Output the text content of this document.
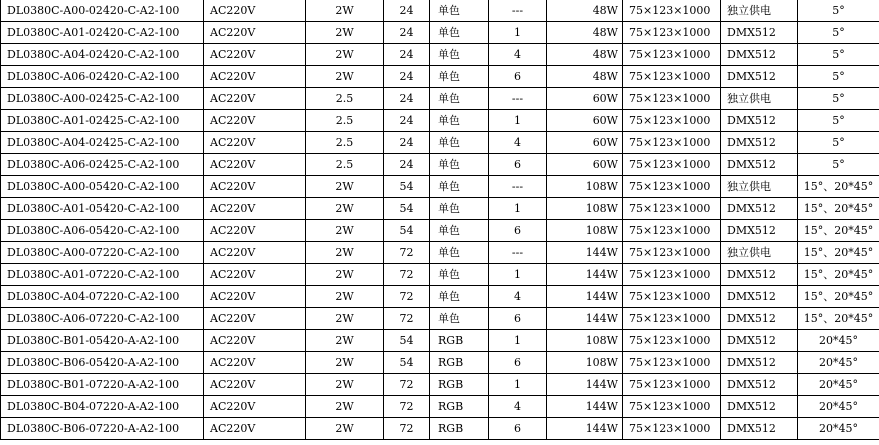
DL0380C-A00-02420-C-A2-100	AC220V	2W	24	单色	---	48W	75×123×1000	独立供电	5°
DL0380C-A01-02420-C-A2-100	AC220V	2W	24	单色	1	48W	75×123×1000	DMX512	5°
DL0380C-A04-02420-C-A2-100	AC220V	2W	24	单色	4	48W	75×123×1000	DMX512	5°
DL0380C-A06-02420-C-A2-100	AC220V	2W	24	单色	6	48W	75×123×1000	DMX512	5°
DL0380C-A00-02425-C-A2-100	AC220V	2.5	24	单色	---	60W	75×123×1000	独立供电	5°
DL0380C-A01-02425-C-A2-100	AC220V	2.5	24	单色	1	60W	75×123×1000	DMX512	5°
DL0380C-A04-02425-C-A2-100	AC220V	2.5	24	单色	4	60W	75×123×1000	DMX512	5°
DL0380C-A06-02425-C-A2-100	AC220V	2.5	24	单色	6	60W	75×123×1000	DMX512	5°
DL0380C-A00-05420-C-A2-100	AC220V	2W	54	单色	---	108W	75×123×1000	独立供电	15°、20*45°
DL0380C-A01-05420-C-A2-100	AC220V	2W	54	单色	1	108W	75×123×1000	DMX512	15°、20*45°
DL0380C-A06-05420-C-A2-100	AC220V	2W	54	单色	6	108W	75×123×1000	DMX512	15°、20*45°
DL0380C-A00-07220-C-A2-100	AC220V	2W	72	单色	---	144W	75×123×1000	独立供电	15°、20*45°
DL0380C-A01-07220-C-A2-100	AC220V	2W	72	单色	1	144W	75×123×1000	DMX512	15°、20*45°
DL0380C-A04-07220-C-A2-100	AC220V	2W	72	单色	4	144W	75×123×1000	DMX512	15°、20*45°
DL0380C-A06-07220-C-A2-100	AC220V	2W	72	单色	6	144W	75×123×1000	DMX512	15°、20*45°
DL0380C-B01-05420-A-A2-100	AC220V	2W	54	RGB	1	108W	75×123×1000	DMX512	20*45°
DL0380C-B06-05420-A-A2-100	AC220V	2W	54	RGB	6	108W	75×123×1000	DMX512	20*45°
DL0380C-B01-07220-A-A2-100	AC220V	2W	72	RGB	1	144W	75×123×1000	DMX512	20*45°
DL0380C-B04-07220-A-A2-100	AC220V	2W	72	RGB	4	144W	75×123×1000	DMX512	20*45°
DL0380C-B06-07220-A-A2-100	AC220V	2W	72	RGB	6	144W	75×123×1000	DMX512	20*45°
